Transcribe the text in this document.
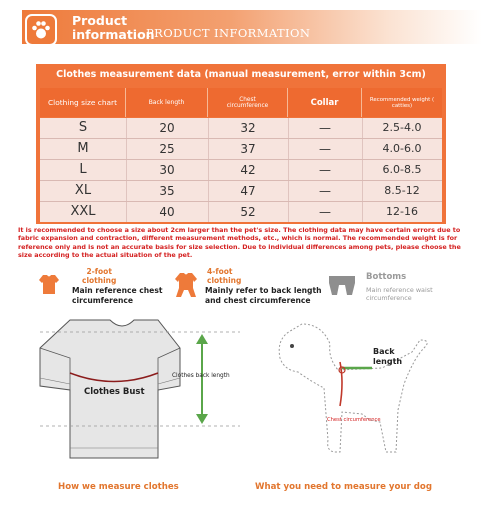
Product
information
PRODUCT INFORMATION
Clothes measurement data (manual measurement, error within 3cm)
Clothing size chart	Back length	Chest circumference	Collar	Recommended weight ( catties)
S	20	32	—	2.5-4.0
M	25	37	—	4.0-6.0
L	30	42	—	6.0-8.5
XL	35	47	—	8.5-12
XXL	40	52	—	12-16
It is recommended to choose a size about 2cm larger than the pet's size. The clothing data may have certain errors due to fabric expansion and contraction, different measurement methods, etc., which is normal. The recommended weight is for reference only and is not an accurate basis for size selection. Due to individual differences among pets, please choose the size according to the actual situation of the pet.
2-foot
clothing
Main reference chest
circumference
4-foot
clothing
Mainly refer to back length
and chest circumference
Bottoms
Main reference waist
circumference
Clothes Bust
Clothes back length
Back
length
Chest circumference
How we measure clothes	What you need to measure your dog
